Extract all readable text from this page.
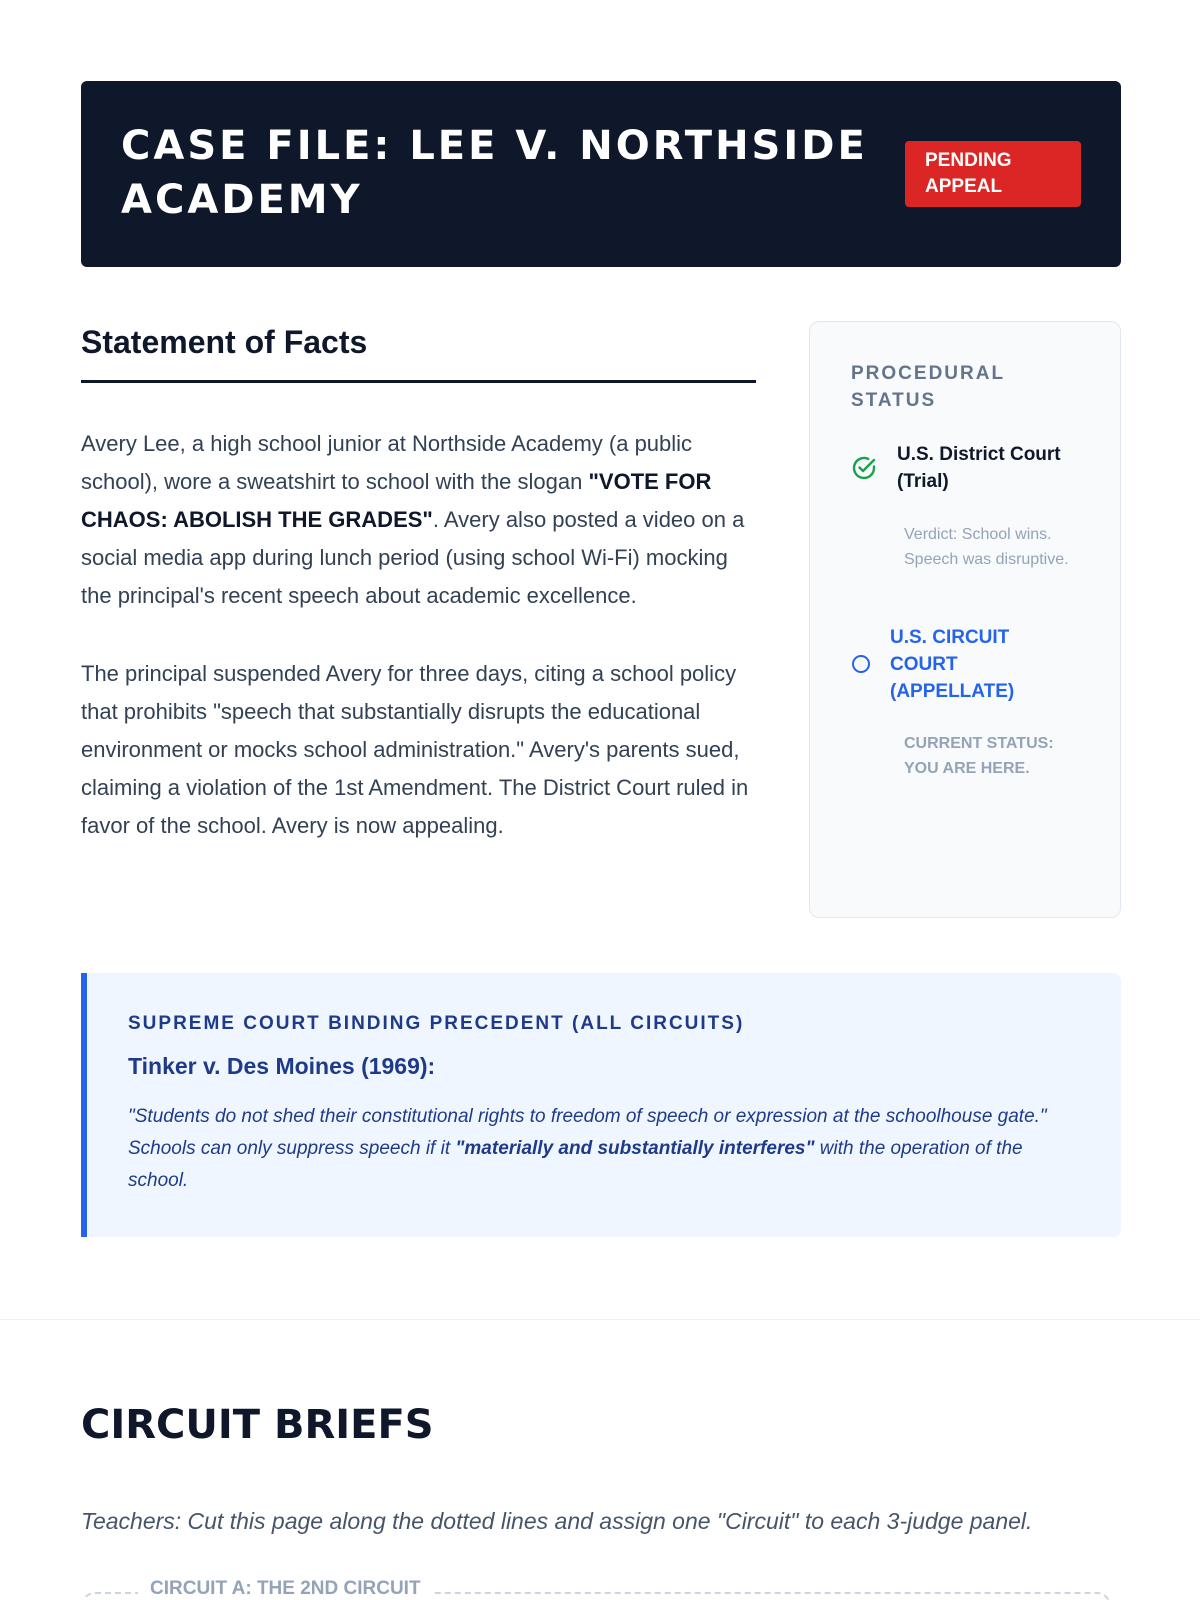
CASE FILE: LEE V. NORTHSIDE ACADEMY
PENDING APPEAL
Statement of Facts

Avery Lee, a high school junior at Northside Academy (a public school), wore a sweatshirt to school with the slogan "VOTE FOR CHAOS: ABOLISH THE GRADES". Avery also posted a video on a social media app during lunch period (using school Wi-Fi) mocking the principal's recent speech about academic excellence.

The principal suspended Avery for three days, citing a school policy that prohibits "speech that substantially disrupts the educational environment or mocks school administration." Avery's parents sued, claiming a violation of the 1st Amendment. The District Court ruled in favor of the school. Avery is now appealing.

PROCEDURAL STATUS
U.S. District Court (Trial)
Verdict: School wins. Speech was disruptive.
U.S. CIRCUIT COURT (APPELLATE)
CURRENT STATUS: YOU ARE HERE.
SUPREME COURT BINDING PRECEDENT (ALL CIRCUITS)
Tinker v. Des Moines (1969):
"Students do not shed their constitutional rights to freedom of speech or expression at the schoolhouse gate." Schools can only suppress speech if it "materially and substantially interferes" with the operation of the school.
CIRCUIT BRIEFS
Teachers: Cut this page along the dotted lines and assign one "Circuit" to each 3-judge panel.
CIRCUIT A: THE 2ND CIRCUIT
